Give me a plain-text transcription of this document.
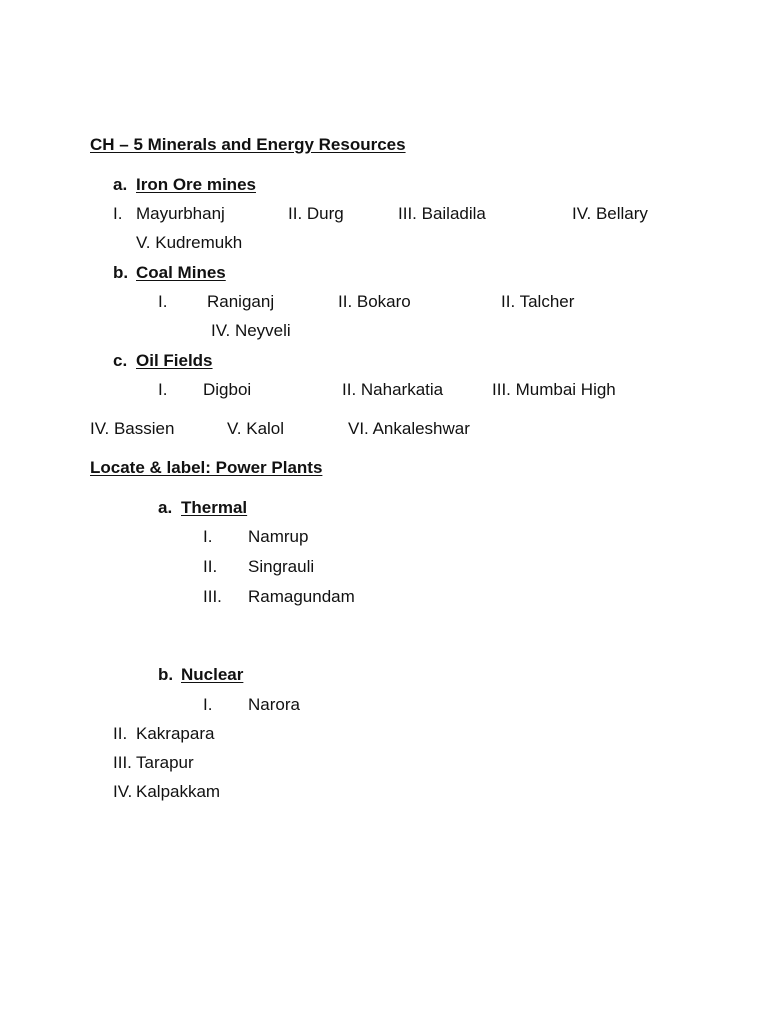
CH – 5 Minerals and Energy Resources
a. Iron Ore mines
I. Mayurbhanj	II. Durg	III. Bailadila	IV. Bellary
V. Kudremukh
b. Coal Mines
I. Raniganj	II. Bokaro	II. Talcher
IV. Neyveli
c. Oil Fields
I. Digboi	II. Naharkatia	III. Mumbai High
IV. Bassien	V. Kalol	VI. Ankaleshwar
Locate & label: Power Plants
a. Thermal
I. Namrup
II. Singrauli
III. Ramagundam
b. Nuclear
I. Narora
II. Kakrapara
III. Tarapur
IV. Kalpakkam
